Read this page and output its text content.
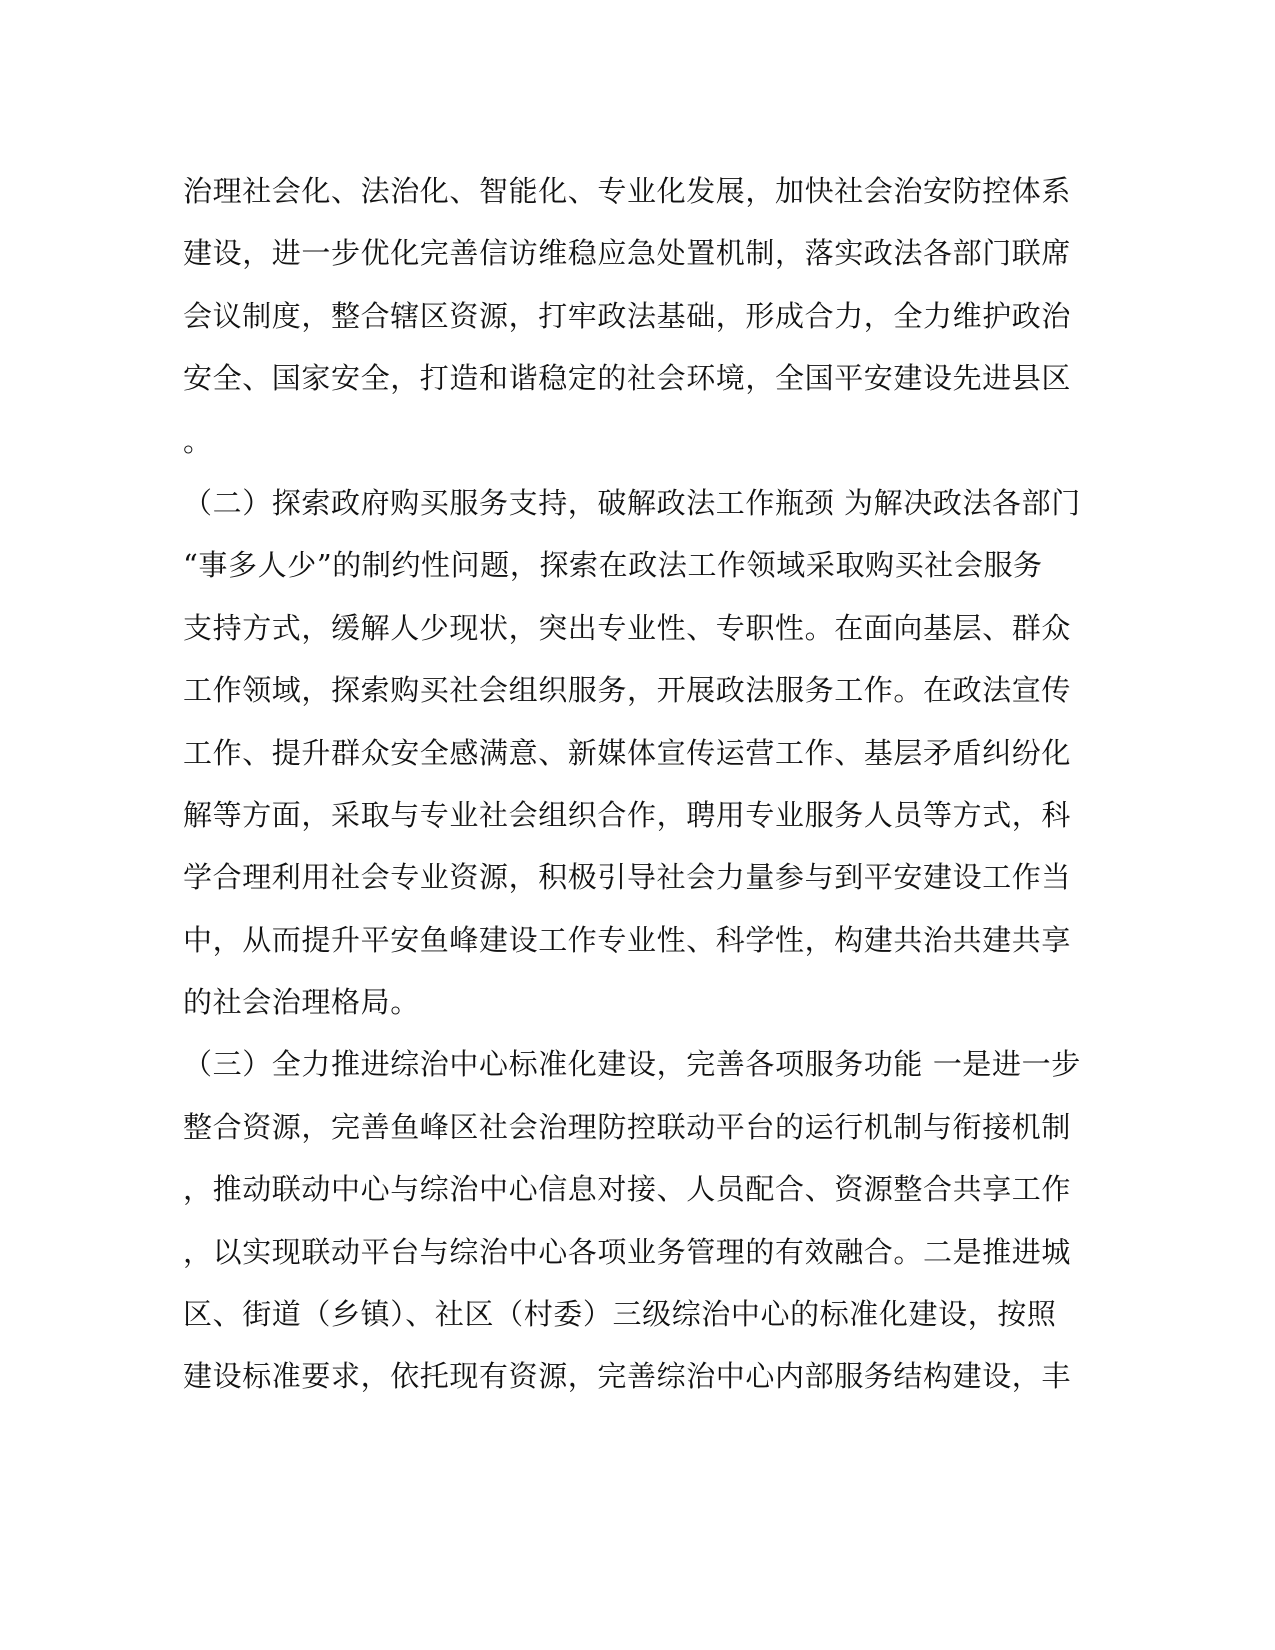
治理社会化、法治化、智能化、专业化发展，加快社会治安防控体系
建设，进一步优化完善信访维稳应急处置机制，落实政法各部门联席
会议制度，整合辖区资源，打牢政法基础，形成合力，全力维护政治
安全、国家安全，打造和谐稳定的社会环境，全国平安建设先进县区
。
（二）探索政府购买服务支持，破解政法工作瓶颈 为解决政法各部门
“事多人少”的制约性问题，探索在政法工作领域采取购买社会服务
支持方式，缓解人少现状，突出专业性、专职性。在面向基层、群众
工作领域，探索购买社会组织服务，开展政法服务工作。在政法宣传
工作、提升群众安全感满意、新媒体宣传运营工作、基层矛盾纠纷化
解等方面，采取与专业社会组织合作，聘用专业服务人员等方式，科
学合理利用社会专业资源，积极引导社会力量参与到平安建设工作当
中，从而提升平安鱼峰建设工作专业性、科学性，构建共治共建共享
的社会治理格局。
（三）全力推进综治中心标准化建设，完善各项服务功能 一是进一步
整合资源，完善鱼峰区社会治理防控联动平台的运行机制与衔接机制
，推动联动中心与综治中心信息对接、人员配合、资源整合共享工作
，以实现联动平台与综治中心各项业务管理的有效融合。二是推进城
区、街道（乡镇）、社区（村委）三级综治中心的标准化建设，按照
建设标准要求，依托现有资源，完善综治中心内部服务结构建设，丰
